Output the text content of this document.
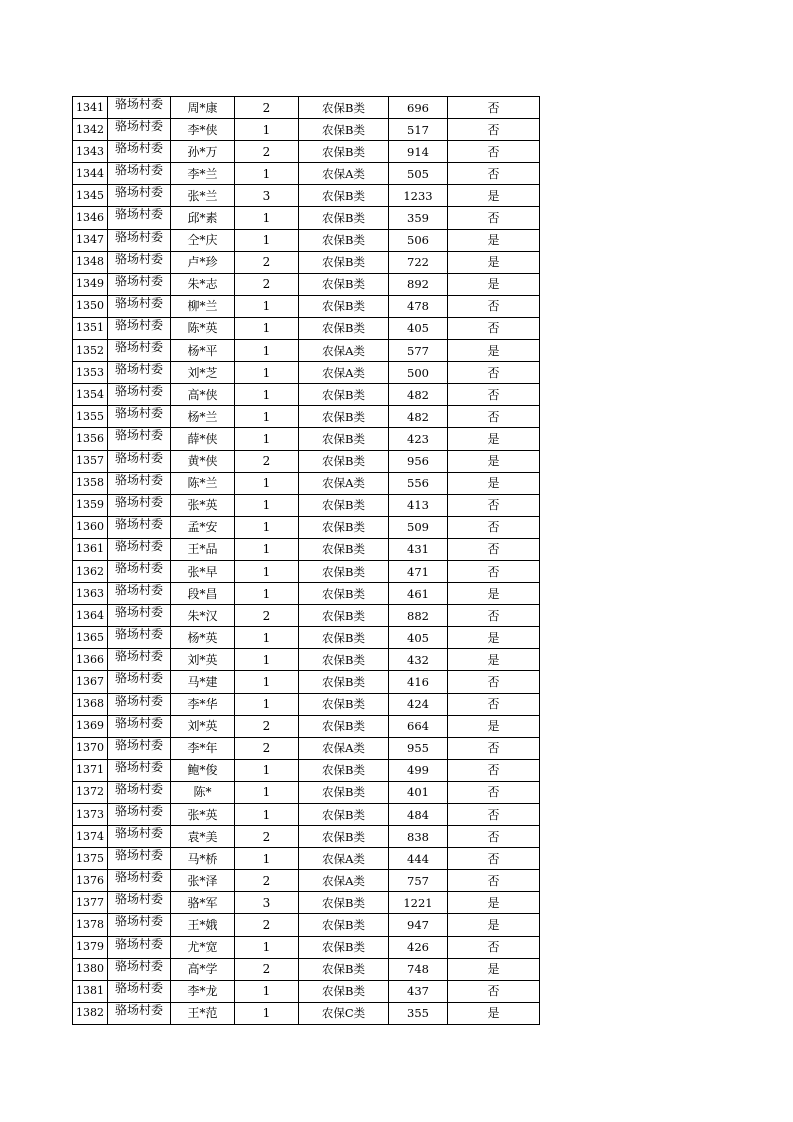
1341	骆场村委	周*康	2	农保B类	696	否
1342	骆场村委	李*侠	1	农保B类	517	否
1343	骆场村委	孙*万	2	农保B类	914	否
1344	骆场村委	李*兰	1	农保A类	505	否
1345	骆场村委	张*兰	3	农保B类	1233	是
1346	骆场村委	邱*素	1	农保B类	359	否
1347	骆场村委	仝*庆	1	农保B类	506	是
1348	骆场村委	卢*珍	2	农保B类	722	是
1349	骆场村委	朱*志	2	农保B类	892	是
1350	骆场村委	柳*兰	1	农保B类	478	否
1351	骆场村委	陈*英	1	农保B类	405	否
1352	骆场村委	杨*平	1	农保A类	577	是
1353	骆场村委	刘*芝	1	农保A类	500	否
1354	骆场村委	高*侠	1	农保B类	482	否
1355	骆场村委	杨*兰	1	农保B类	482	否
1356	骆场村委	薛*侠	1	农保B类	423	是
1357	骆场村委	黄*侠	2	农保B类	956	是
1358	骆场村委	陈*兰	1	农保A类	556	是
1359	骆场村委	张*英	1	农保B类	413	否
1360	骆场村委	孟*安	1	农保B类	509	否
1361	骆场村委	王*品	1	农保B类	431	否
1362	骆场村委	张*早	1	农保B类	471	否
1363	骆场村委	段*昌	1	农保B类	461	是
1364	骆场村委	朱*汉	2	农保B类	882	否
1365	骆场村委	杨*英	1	农保B类	405	是
1366	骆场村委	刘*英	1	农保B类	432	是
1367	骆场村委	马*建	1	农保B类	416	否
1368	骆场村委	李*华	1	农保B类	424	否
1369	骆场村委	刘*英	2	农保B类	664	是
1370	骆场村委	李*年	2	农保A类	955	否
1371	骆场村委	鲍*俊	1	农保B类	499	否
1372	骆场村委	陈*	1	农保B类	401	否
1373	骆场村委	张*英	1	农保B类	484	否
1374	骆场村委	袁*美	2	农保B类	838	否
1375	骆场村委	马*桥	1	农保A类	444	否
1376	骆场村委	张*泽	2	农保A类	757	否
1377	骆场村委	骆*军	3	农保B类	1221	是
1378	骆场村委	王*娥	2	农保B类	947	是
1379	骆场村委	尤*宽	1	农保B类	426	否
1380	骆场村委	高*学	2	农保B类	748	是
1381	骆场村委	李*龙	1	农保B类	437	否
1382	骆场村委	王*范	1	农保C类	355	是
